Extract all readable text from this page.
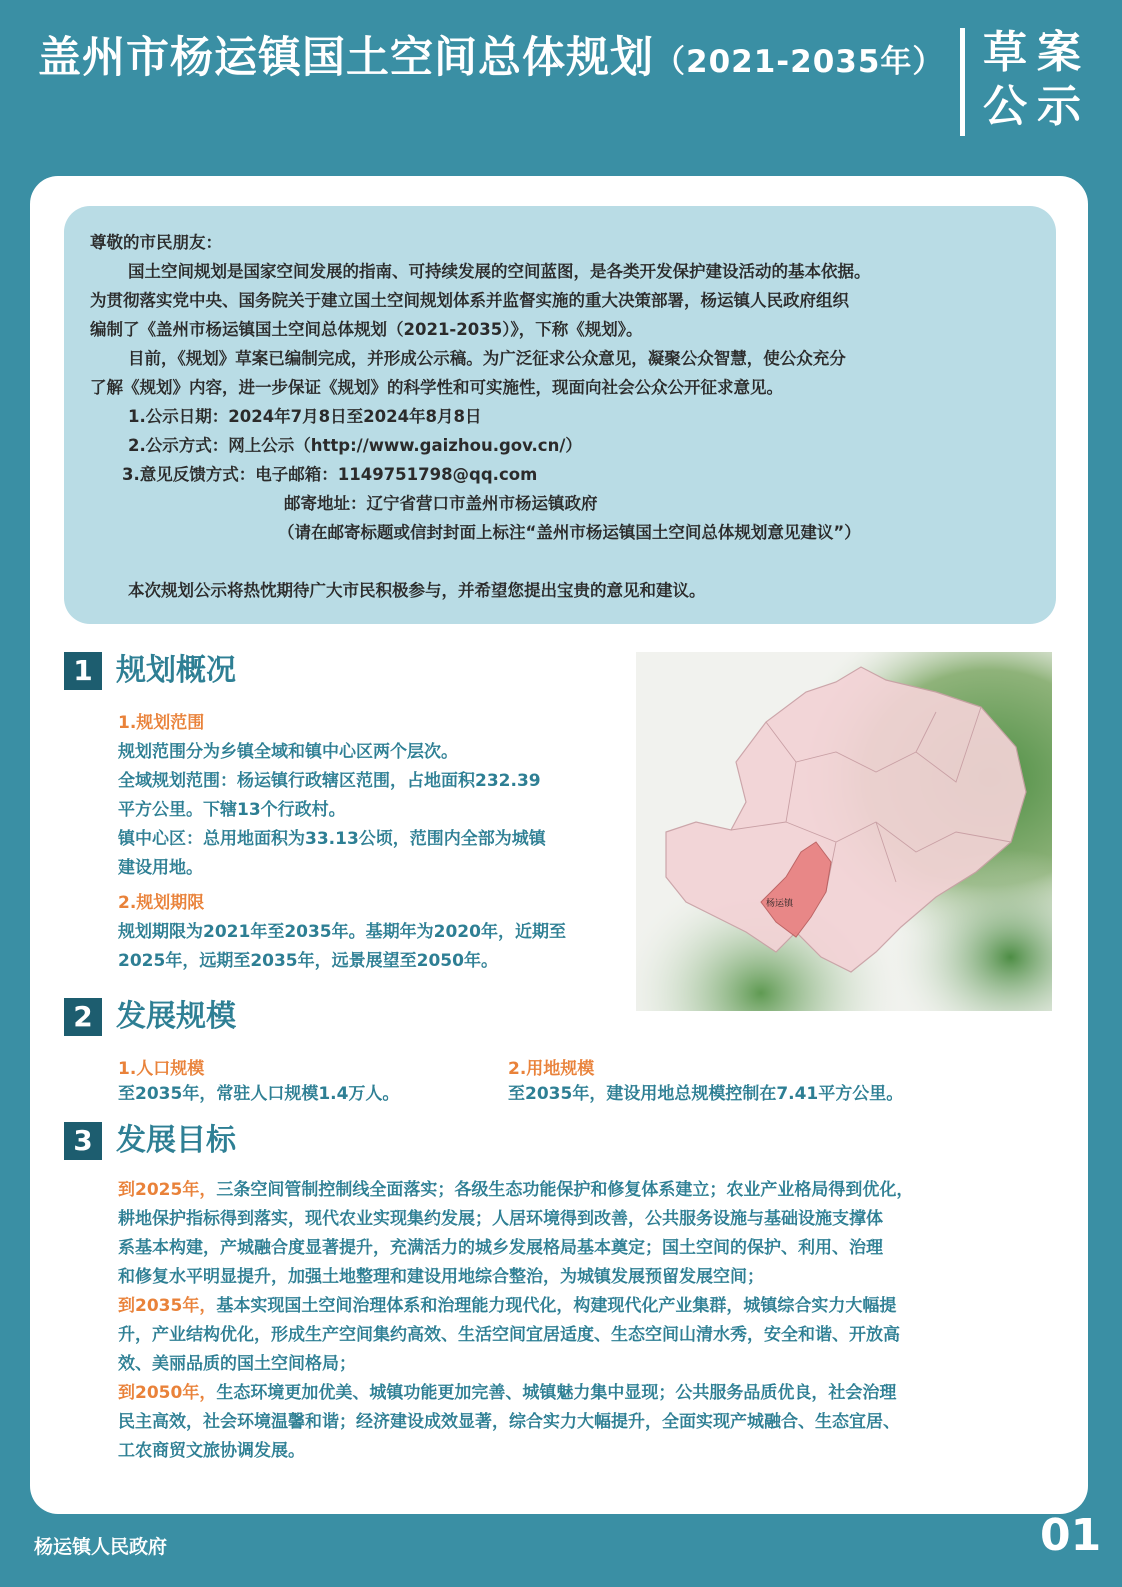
盖州市杨运镇国土空间总体规划（2021-2035年） 草案
公示
尊敬的市民朋友：
国土空间规划是国家空间发展的指南、可持续发展的空间蓝图，是各类开发保护建设活动的基本依据。
为贯彻落实党中央、国务院关于建立国土空间规划体系并监督实施的重大决策部署，杨运镇人民政府组织
编制了《盖州市杨运镇国土空间总体规划（2021-2035）》，下称《规划》。
目前，《规划》草案已编制完成，并形成公示稿。为广泛征求公众意见，凝聚公众智慧，使公众充分
了解《规划》内容，进一步保证《规划》的科学性和可实施性，现面向社会公众公开征求意见。
1.公示日期：2024年7月8日至2024年8月8日
2.公示方式：网上公示（http://www.gaizhou.gov.cn/）
3.意见反馈方式：电子邮箱：1149751798@qq.com
邮寄地址：辽宁省营口市盖州市杨运镇政府
（请在邮寄标题或信封封面上标注“盖州市杨运镇国土空间总体规划意见建议”）
本次规划公示将热忱期待广大市民积极参与，并希望您提出宝贵的意见和建议。
1 规划概况
1.规划范围
规划范围分为乡镇全域和镇中心区两个层次。
全域规划范围：杨运镇行政辖区范围，占地面积232.39
平方公里。下辖13个行政村。
镇中心区：总用地面积为33.13公顷，范围内全部为城镇
建设用地。
2.规划期限
规划期限为2021年至2035年。基期年为2020年，近期至
2025年，远期至2035年，远景展望至2050年。
杨运镇
2 发展规模
1.人口规模
至2035年，常驻人口规模1.4万人。
2.用地规模
至2035年，建设用地总规模控制在7.41平方公里。
3 发展目标
到2025年，三条空间管制控制线全面落实；各级生态功能保护和修复体系建立；农业产业格局得到优化，
耕地保护指标得到落实，现代农业实现集约发展；人居环境得到改善，公共服务设施与基础设施支撑体
系基本构建，产城融合度显著提升，充满活力的城乡发展格局基本奠定；国土空间的保护、利用、治理
和修复水平明显提升，加强土地整理和建设用地综合整治，为城镇发展预留发展空间；
到2035年，基本实现国土空间治理体系和治理能力现代化，构建现代化产业集群，城镇综合实力大幅提
升，产业结构优化，形成生产空间集约高效、生活空间宜居适度、生态空间山清水秀，安全和谐、开放高
效、美丽品质的国土空间格局；
到2050年，生态环境更加优美、城镇功能更加完善、城镇魅力集中显现；公共服务品质优良，社会治理
民主高效，社会环境温馨和谐；经济建设成效显著，综合实力大幅提升，全面实现产城融合、生态宜居、
工农商贸文旅协调发展。
杨运镇人民政府	01
